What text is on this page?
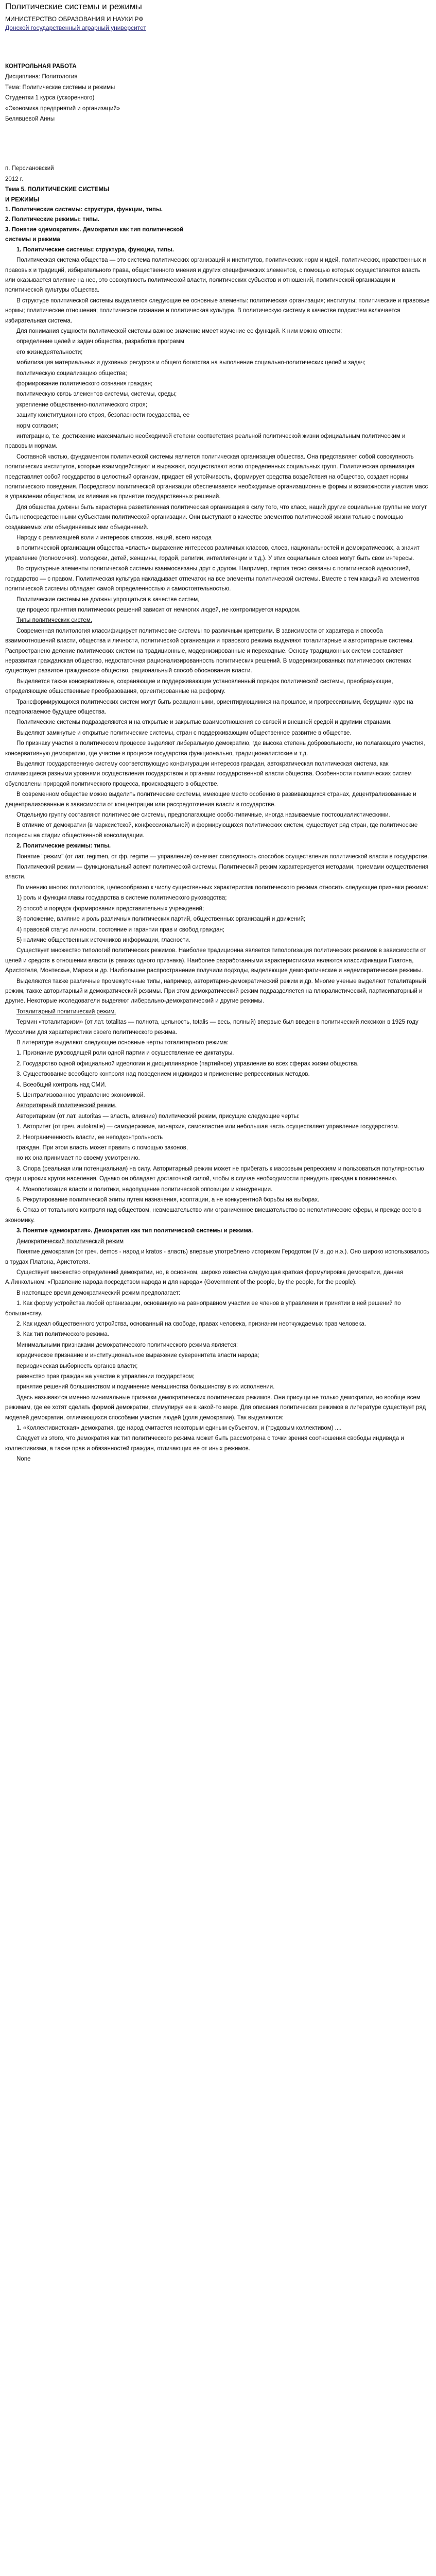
Политические системы и режимы

МИНИСТЕРСТВО ОБРАЗОВАНИЯ И НАУКИ РФ

Донской государственный аграрный университет

КОНТРОЛЬНАЯ РАБОТА

Дисциплина: Политология

Тема: Политические системы и режимы

Студентки 1 курса (ускоренного)

«Экономика предприятий и организаций»

Белявцевой Анны

п. Персиановский

2012 г.

Тема 5. ПОЛИТИЧЕСКИЕ СИСТЕМЫ

И РЕЖИМЫ

1. Политические системы: структура, функции, типы.

2. Политические режимы: типы.

3. Понятие «демократия». Демократия как тип политической

системы и режима

1. Политические системы: структура, функции, типы.

Политическая система общества — это система политических организаций и институтов, политических норм и идей, политических, нравственных и правовых и традиций, избирательного права, общественного мнения и других специфических элементов, с помощью которых осуществляется власть или оказывается влияние на нее, это совокупность политической власти, политических субъектов и отношений, политической организации и политической культуры общества.

В структуре политической системы выделяется следующие ее основные элементы: политическая организация; институты; политические и правовые нормы; политические отношения; политическое сознание и политическая культура. В политическую систему в качестве подсистем включается избирательная система.

Для понимания сущности политической системы важное значение имеет изучение ее функций. К ним можно отнести:

определение целей и задач общества, разработка программ

его жизнедеятельности;

мобилизация материальных и духовных ресурсов и общего богатства на выполнение социально-политических целей и задач;

политическую социализацию общества;

формирование политического сознания граждан;

политическую связь элементов системы, системы, среды;

укрепление общественно-политического строя;

защиту конституционного строя, безопасности государства, ее

норм согласия;

интеграцию, т.е. достижение максимально необходимой степени соответствия реальной политической жизни официальным политическим и правовым нормам.

Составной частью, фундаментом политической системы является политическая организация общества. Она представляет собой совокупность политических институтов, которые взаимодействуют и выражают, осуществляют волю определенных социальных групп. Политическая организация представляет собой государство в целостный организм, придает ей устойчивость, формирует средства воздействия на общество, создает нормы политического поведения. Посредством политической организации обеспечивается необходимые организационные формы и возможности участия масс в управлении обществом, их влияния на принятие государственных решений.

Для общества должны быть характерна разветвленная политическая организация в силу того, что класс, наций другие социальные группы не могут быть непосредственными субъектами политической организации. Они выступают в качестве элементов политической жизни только с помощью создаваемых или объединяемых ими объединений.

Народу с реализацией воли и интересов классов, наций, всего народа

в политической организации общества «власть» выражение интересов различных классов, слоев, национальностей и демократических, а значит управление (полномочия). молодежи, детей, женщины, гордой, религии, интеллигенции и т.д.). У этих социальных слоев могут быть свои интересы.

Во структурные элементы политической системы взаимосвязаны друг с другом. Например, партия тесно связаны с политической идеологией, государство — с правом. Политическая культура накладывает отпечаток на все элементы политической системы. Вместе с тем каждый из элементов политической системы обладает самой определенностью и самостоятельностью.

Политические системы не должны упрощаться в качестве систем,

где процесс принятия политических решений зависит от немногих людей, не контролируется народом.

Типы политических систем.

Современная политология классифицирует политические системы по различным критериям. В зависимости от характера и способа взаимоотношений власти, общества и личности, политической организации и правового режима выделяют тоталитарные и авторитарные системы. Распространено деление политических систем на традиционные, модернизированные и переходные. Основу традиционных систем составляет неразвитая гражданская общество, недостаточная рационализированность политических решений. В модернизированных политических системах существует развитое гражданское общество, рациональный способ обоснования власти.

Выделяется также консервативные, сохраняющие и поддерживающие установленный порядок политической системы, преобразующие, определяющие общественные преобразования, ориентированные на реформу.

Трансформирующихся политических систем могут быть реакционными, ориентирующимися на прошлое, и прогрессивными, берущими курс на предполагаемое будущее общества.

Политические системы подразделяются и на открытые и закрытые взаимоотношения со связей и внешней средой и другими странами.

Выделяют замкнутые и открытые политические системы, стран с поддерживающим общественное развитие в обществе.

По признаку участия в политическом процессе выделяют либеральную демократию, где высока степень добровольности, но полагающего участия, консервативную демократию, где участие в процессе государства функционально, традиционалистские и т.д.

Выделяют государственную систему соответствующую конфигурации интересов граждан, автократическая политическая система, как отличающиеся разными уровнями осуществления государством и органами государственной власти общества. Особенности политических систем обусловлены природой политического процесса, происходящего в обществе.

В современном обществе можно выделить политические системы, имеющие место особенно в развивающихся странах, децентрализованные и децентрализованные в зависимости от концентрации или рассредоточения власти в государстве.

Отдельную группу составляют политические системы, предполагающие особо-типичные, иногда называемые постсоциалистическими.

В отличие от демократии (в марксистской, конфессиональной) и формирующихся политических систем, существует ряд стран, где политические процессы на стадии общественной консолидации.

2. Политические режимы: типы.

Понятие "режим" (от лат. regimen, от фр. regime — управление) означает совокупность способов осуществления политической власти в государстве.

Политический режим — функциональный аспект политической системы. Политический режим характеризуется методами, приемами осуществления власти.

По мнению многих политологов, целесообразно к числу существенных характеристик политического режима относить следующие признаки режима:

1) роль и функции главы государства в системе политического руководства;

2) способ и порядок формирования представительных учреждений;

3) положение, влияние и роль различных политических партий, общественных организаций и движений;

4) правовой статус личности, состояние и гарантии прав и свобод граждан;

5) наличие общественных источников информации, гласности.

Существует множество типологий политических режимов. Наиболее традиционна является типологизация политических режимов в зависимости от целей и средств в отношении власти (в рамках одного признака). Наиболее разработанными характеристиками являются классификации Платона, Аристотеля, Монтескье, Маркса и др. Наибольшее распространение получили подходы, выделяющие демократические и недемократические режимы.

Выделяются также различные промежуточные типы, например, авторитарно-демократический режим и др. Многие ученые выделяют тоталитарный режим, также авторитарный и демократический режимы. При этом демократический режим подразделяется на плюралистический, партисипаторный и другие. Некоторые исследователи выделяют либерально-демократический и другие режимы.

Тоталитарный политический режим.

Термин «тоталитаризм» (от лат. totalitas — полнота, цельность, totalis — весь, полный) впервые был введен в политический лексикон в 1925 году Муссолини для характеристики своего политического режима.

В литературе выделяют следующие основные черты тоталитарного режима:

1. Признание руководящей роли одной партии и осуществление ее диктатуры.

2. Государство одной официальной идеологии и дисциплинарное (партийное) управление во всех сферах жизни общества.

3. Существование всеобщего контроля над поведением индивидов и применение репрессивных методов.

4. Всеобщий контроль над СМИ.

5. Централизованное управление экономикой.

Авторитарный политический режим.

Авторитаризм (от лат. autoritas — власть, влияние) политический режим, присущие следующие черты:

1. Авторитет (от греч. autokratie) — самодержавие, монархия, самовластие или небольшая часть осуществляет управление государством.

2. Неограниченность власти, ее неподконтрольность

граждан. При этом власть может править с помощью законов,

но их она принимает по своему усмотрению.

3. Опора (реальная или потенциальная) на силу. Авторитарный режим может не прибегать к массовым репрессиям и пользоваться популярностью среди широких кругов населения. Однако он обладает достаточной силой, чтобы в случае необходимости принудить граждан к повиновению.

4. Монополизация власти и политики, недопущение политической оппозиции и конкуренции.

5. Рекрутирование политической элиты путем назначения, кооптации, а не конкурентной борьбы на выборах.

6. Отказ от тотального контроля над обществом, невмешательство или ограниченное вмешательство во неполитические сферы, и прежде всего в экономику.

3. Понятие «демократия». Демократия как тип политической системы и режима.

Демократический политический режим

Понятие демократия (от греч. demos - народ и kratos - власть) впервые употреблено историком Геродотом (V в. до н.э.). Оно широко использовалось в трудах Платона, Аристотеля.

Существует множество определений демократии, но, в основном, широко известна следующая краткая формулировка демократии, данная А.Линкольном: «Правление народа посредством народа и для народа» (Government of the people, by the people, for the people).

В настоящее время демократический режим предполагает:

1. Как форму устройства любой организации, основанную на равноправном участии ее членов в управлении и принятии в ней решений по большинству.

2. Как идеал общественного устройства, основанный на свободе, правах человека, признании неотчуждаемых прав человека.

3. Как тип политического режима.

Минимальными признаками демократического политического режима является:

юридическое признание и институциональное выражение суверенитета власти народа;

периодическая выборность органов власти;

равенство прав граждан на участие в управлении государством;

принятие решений большинством и подчинение меньшинства большинству в их исполнении.

Здесь называются именно минимальные признаки демократических политических режимов. Они присущи не только демократии, но вообще всем режимам, где ее хотят сделать формой демократии, стимулируя ее в какой-то мере. Для описания политических режимов в литературе существует ряд моделей демократии, отличающихся способами участия людей (доля демократии). Так выделяются:

1. «Коллективистская» демократия, где народ считается некоторым единым субъектом, и (трудовым коллективом) ....

Следует из этого, что демократия как тип политического режима может быть рассмотрена с точки зрения соотношения свободы индивида и коллективизма, а также прав и обязанностей граждан, отличающих ее от иных режимов.

None
